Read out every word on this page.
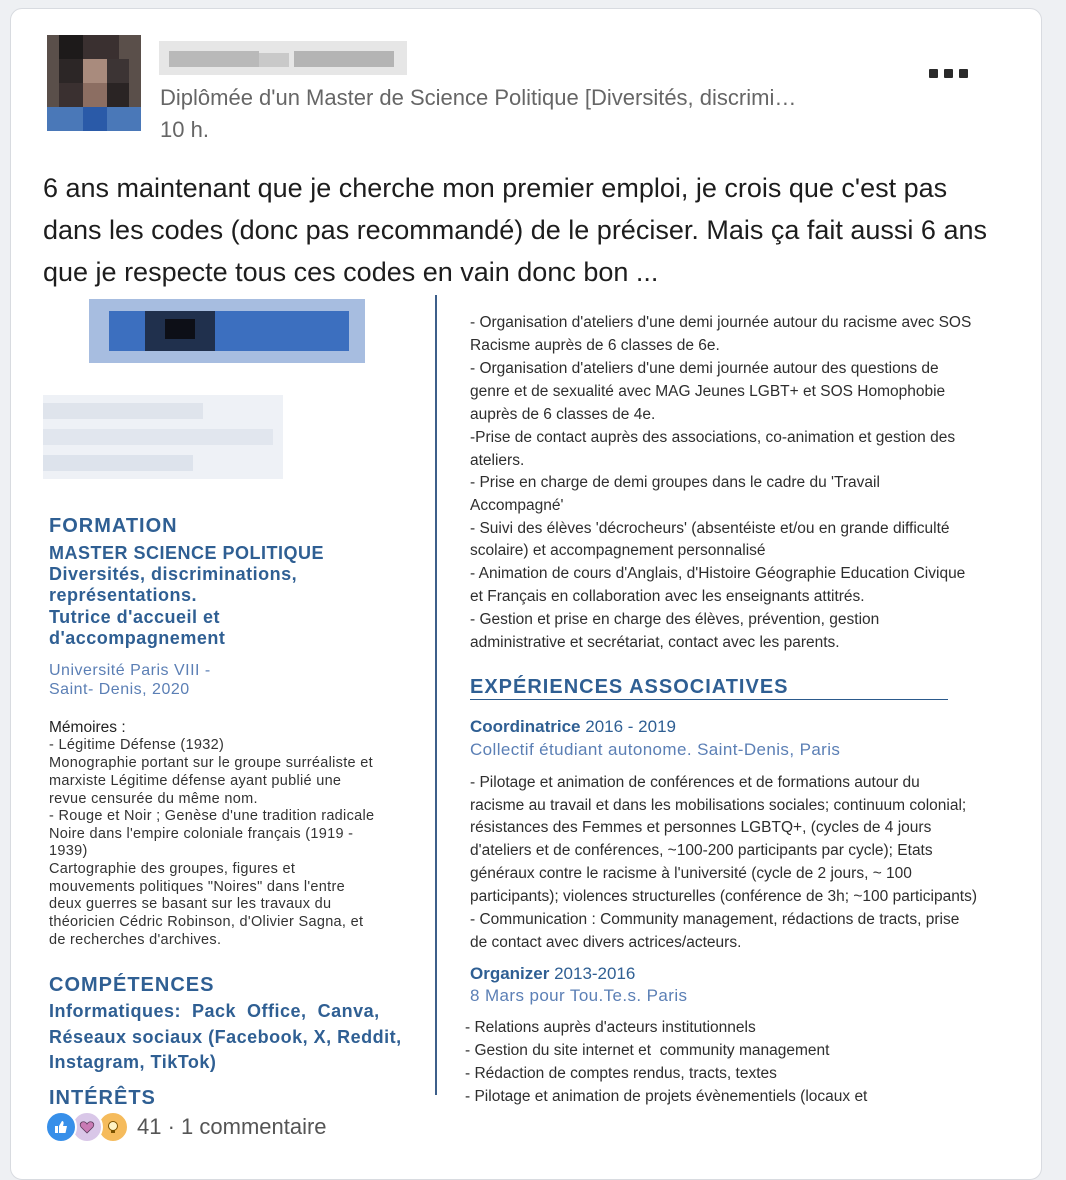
Diplômée d'un Master de Science Politique [Diversités, discrimi…
10 h.
6 ans maintenant que je cherche mon premier emploi, je crois que c'est pas dans les codes (donc pas recommandé) de le préciser. Mais ça fait aussi 6 ans que je respecte tous ces codes en vain donc bon ...
FORMATION
MASTER SCIENCE POLITIQUE
Diversités, discriminations,
représentations.
Tutrice d'accueil et
d'accompagnement
Université Paris VIII -
Saint- Denis, 2020
Mémoires :
- Légitime Défense (1932)
Monographie portant sur le groupe surréaliste et
marxiste Légitime défense ayant publié une
revue censurée du même nom.
- Rouge et Noir ; Genèse d'une tradition radicale
Noire dans l'empire coloniale français (1919 -
1939)
Cartographie des groupes, figures et
mouvements politiques "Noires" dans l'entre
deux guerres se basant sur les travaux du
théoricien Cédric Robinson, d'Olivier Sagna, et
de recherches d'archives.
COMPÉTENCES
Informatiques:  Pack  Office,  Canva,
Réseaux sociaux (Facebook, X, Reddit,
Instagram, TikTok)
INTÉRÊTS
- Organisation d'ateliers d'une demi journée autour du racisme avec SOS
Racisme auprès de 6 classes de 6e.
- Organisation d'ateliers d'une demi journée autour des questions de
genre et de sexualité avec MAG Jeunes LGBT+ et SOS Homophobie
auprès de 6 classes de 4e.
-Prise de contact auprès des associations, co-animation et gestion des
ateliers.
- Prise en charge de demi groupes dans le cadre du 'Travail
Accompagné'
- Suivi des élèves 'décrocheurs' (absentéiste et/ou en grande difficulté
scolaire) et accompagnement personnalisé
- Animation de cours d'Anglais, d'Histoire Géographie Education Civique
et Français en collaboration avec les enseignants attitrés.
- Gestion et prise en charge des élèves, prévention, gestion
administrative et secrétariat, contact avec les parents.
EXPÉRIENCES ASSOCIATIVES
Coordinatrice 2016 - 2019
Collectif étudiant autonome. Saint-Denis, Paris
- Pilotage et animation de conférences et de formations autour du
racisme au travail et dans les mobilisations sociales; continuum colonial;
résistances des Femmes et personnes LGBTQ+, (cycles de 4 jours
d'ateliers et de conférences, ~100-200 participants par cycle); Etats
généraux contre le racisme à l'université (cycle de 2 jours, ~ 100
participants); violences structurelles (conférence de 3h; ~100 participants)
- Communication : Community management, rédactions de tracts, prise
de contact avec divers actrices/acteurs.
Organizer 2013-2016
8 Mars pour Tou.Te.s. Paris
- Relations auprès d'acteurs institutionnels
- Gestion du site internet et  community management
- Rédaction de comptes rendus, tracts, textes
- Pilotage et animation de projets évènementiels (locaux et
41 · 1 commentaire
